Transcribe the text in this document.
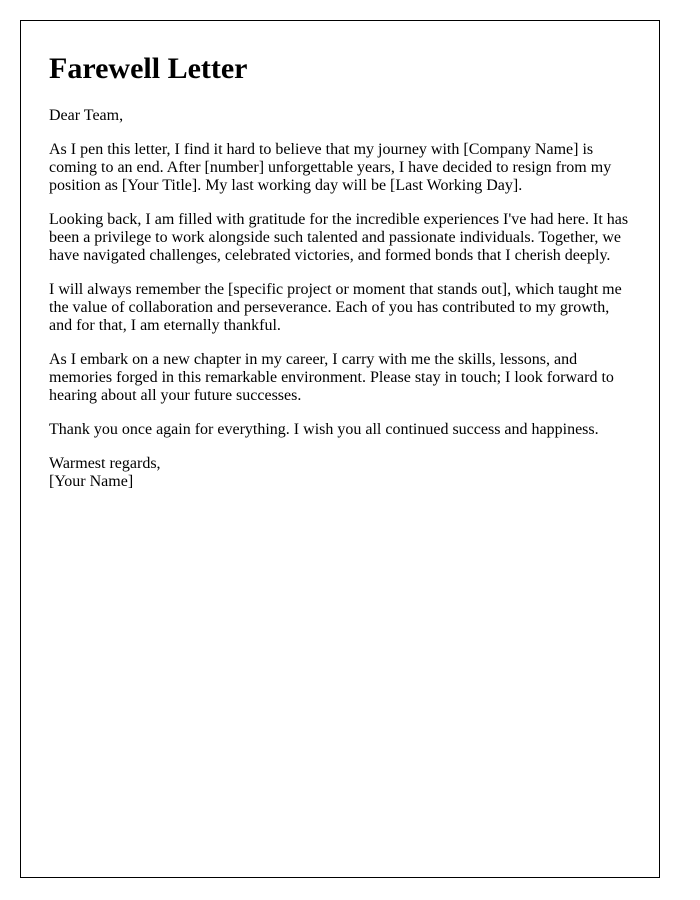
Farewell Letter

Dear Team,

As I pen this letter, I find it hard to believe that my journey with [Company Name] is coming to an end. After [number] unforgettable years, I have decided to resign from my position as [Your Title]. My last working day will be [Last Working Day].

Looking back, I am filled with gratitude for the incredible experiences I've had here. It has been a privilege to work alongside such talented and passionate individuals. Together, we have navigated challenges, celebrated victories, and formed bonds that I cherish deeply.

I will always remember the [specific project or moment that stands out], which taught me the value of collaboration and perseverance. Each of you has contributed to my growth, and for that, I am eternally thankful.

As I embark on a new chapter in my career, I carry with me the skills, lessons, and memories forged in this remarkable environment. Please stay in touch; I look forward to hearing about all your future successes.

Thank you once again for everything. I wish you all continued success and happiness.

Warmest regards,
[Your Name]
